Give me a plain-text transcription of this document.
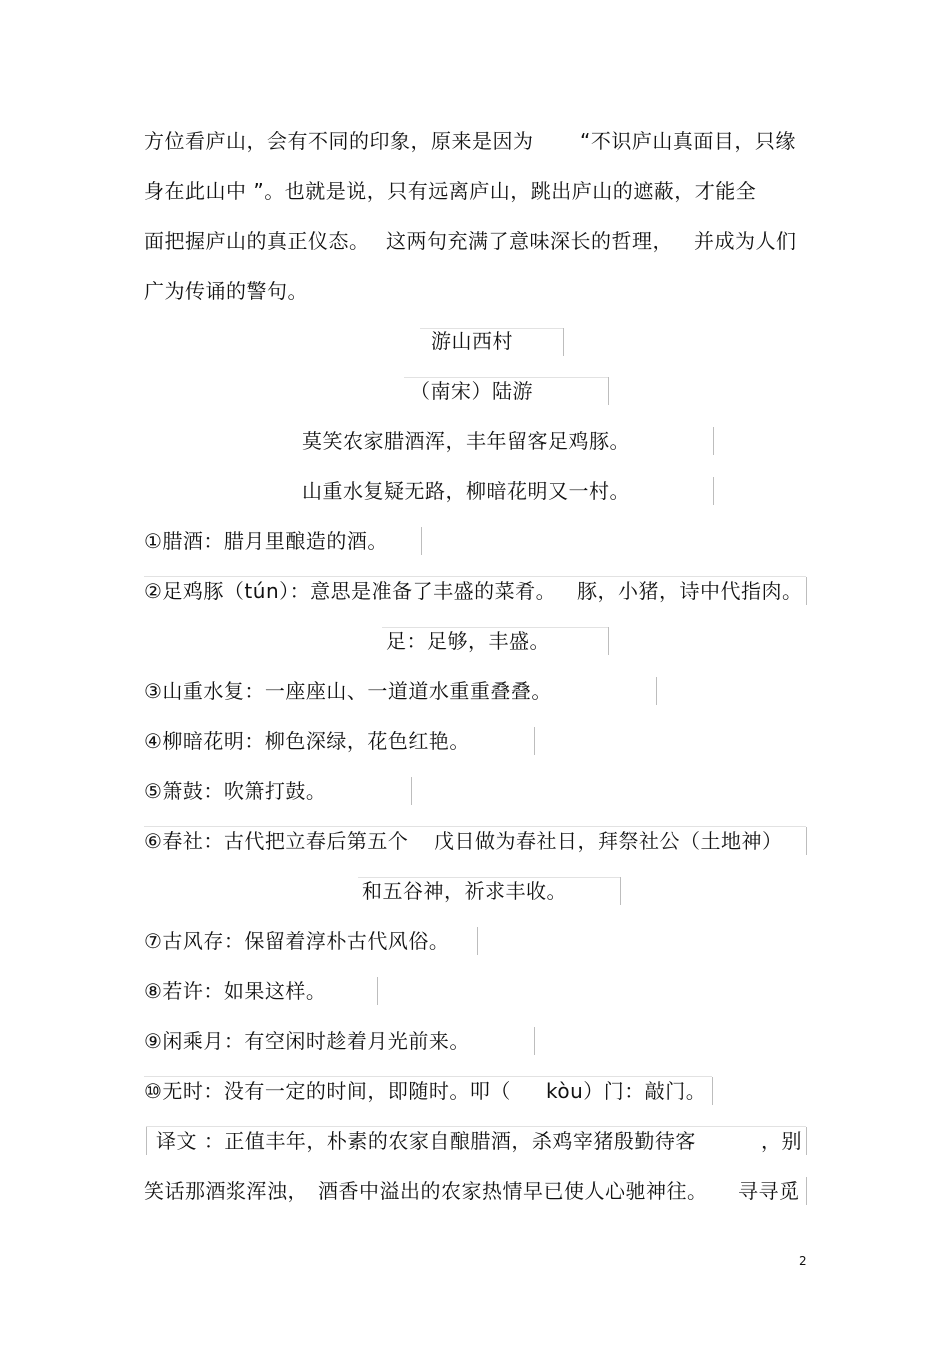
方位看庐山，会有不同的印象，原来是因为 “不识庐山真面目，只缘
身在此山中 ”。也就是说，只有远离庐山，跳出庐山的遮蔽，才能全
面把握庐山的真正仪态。 这两句充满了意味深长的哲理， 并成为人们
广为传诵的警句。
游山西村
（南宋）陆游
莫笑农家腊酒浑，丰年留客足鸡豚。
山重水复疑无路，柳暗花明又一村。
①腊酒：腊月里酿造的酒。
②足鸡豚（tún）：意思是准备了丰盛的菜肴。 豚，小猪，诗中代指肉。
足：足够，丰盛。
③山重水复：一座座山、一道道水重重叠叠。
④柳暗花明：柳色深绿，花色红艳。
⑤箫鼓：吹箫打鼓。
⑥春社：古代把立春后第五个 戊日做为春社日，拜祭社公（土地神）
和五谷神，祈求丰收。
⑦古风存：保留着淳朴古代风俗。
⑧若许：如果这样。
⑨闲乘月：有空闲时趁着月光前来。
⑩无时：没有一定的时间，即随时。叩（ kòu）门：敲门。
译文 ：正值丰年，朴素的农家自酿腊酒，杀鸡宰猪殷勤待客	，别
笑话那酒浆浑浊， 酒香中溢出的农家热情早已使人心驰神往。 寻寻觅
2
